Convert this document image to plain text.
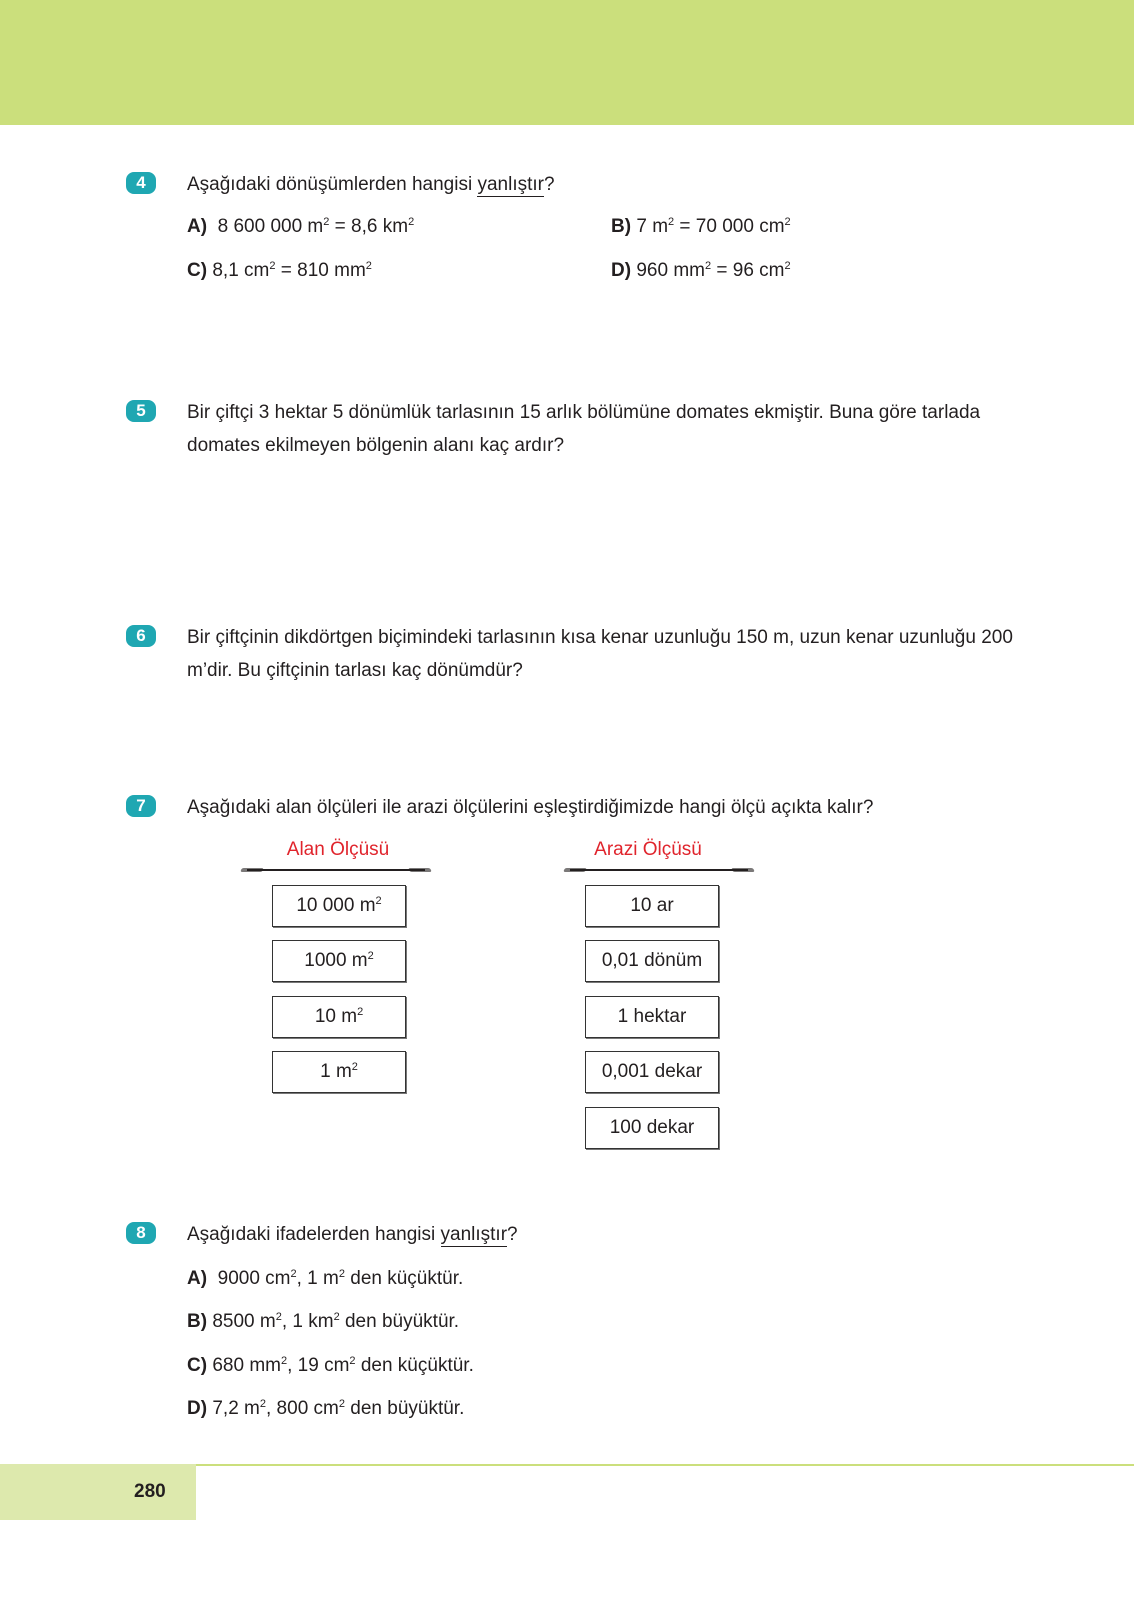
4	Aşağıdaki dönüşümlerden hangisi yanlıştır?
A) 8 600 000 $m^2 = 8,6$ $km^2$	B) 7 $m^2 = 70$ 000 $cm^2$
C) 8,1 $cm^2 = 810$ $mm^2$	D) 960 $mm^2 = 96$ $cm^2$
5	Bir çiftçi 3 hektar 5 dönümlük tarlasının 15 arlık bölümüne domates ekmiştir. Buna göre tarlada domates ekilmeyen bölgenin alanı kaç ardır?
6	Bir çiftçinin dikdörtgen biçimindeki tarlasının kısa kenar uzunluğu 150 m, uzun kenar uzunluğu 200 m’dir. Bu çiftçinin tarlası kaç dönümdür?
7	Aşağıdaki alan ölçüleri ile arazi ölçülerini eşleştirdiğimizde hangi ölçü açıkta kalır?
Alan Ölçüsü	Arazi Ölçüsü
10 000 $m^2$
1000 $m^2$
10 $m^2$
1 $m^2$
10 ar
0,01 dönüm
1 hektar
0,001 dekar
100 dekar
8	Aşağıdaki ifadelerden hangisi yanlıştır?
A) 9000 $cm^2$, 1 $m^2$ den küçüktür.
B) 8500 $m^2$, 1 $km^2$ den büyüktür.
C) 680 $mm^2$, 19 $cm^2$ den küçüktür.
D) 7,2 $m^2$, 800 $cm^2$ den büyüktür.
280
